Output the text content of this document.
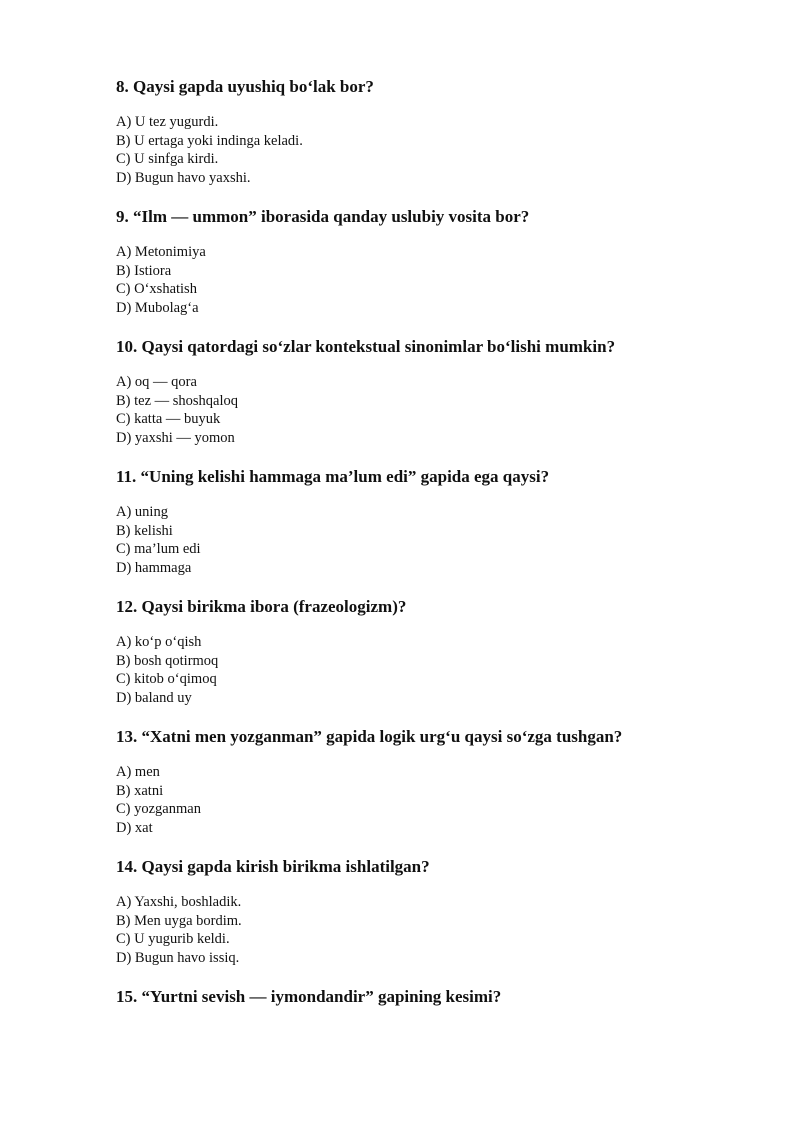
8. Qaysi gapda uyushiq bo‘lak bor?

A) U tez yugurdi.

B) U ertaga yoki indinga keladi.

C) U sinfga kirdi.

D) Bugun havo yaxshi.

9. “Ilm — ummon” iborasida qanday uslubiy vosita bor?

A) Metonimiya

B) Istiora

C) O‘xshatish

D) Mubolag‘a

10. Qaysi qatordagi so‘zlar kontekstual sinonimlar bo‘lishi mumkin?

A) oq — qora

B) tez — shoshqaloq

C) katta — buyuk

D) yaxshi — yomon

11. “Uning kelishi hammaga ma’lum edi” gapida ega qaysi?

A) uning

B) kelishi

C) ma’lum edi

D) hammaga

12. Qaysi birikma ibora (frazeologizm)?

A) ko‘p o‘qish

B) bosh qotirmoq

C) kitob o‘qimoq

D) baland uy

13. “Xatni men yozganman” gapida logik urg‘u qaysi so‘zga tushgan?

A) men

B) xatni

C) yozganman

D) xat

14. Qaysi gapda kirish birikma ishlatilgan?

A) Yaxshi, boshladik.

B) Men uyga bordim.

C) U yugurib keldi.

D) Bugun havo issiq.

15. “Yurtni sevish — iymondandir” gapining kesimi?
